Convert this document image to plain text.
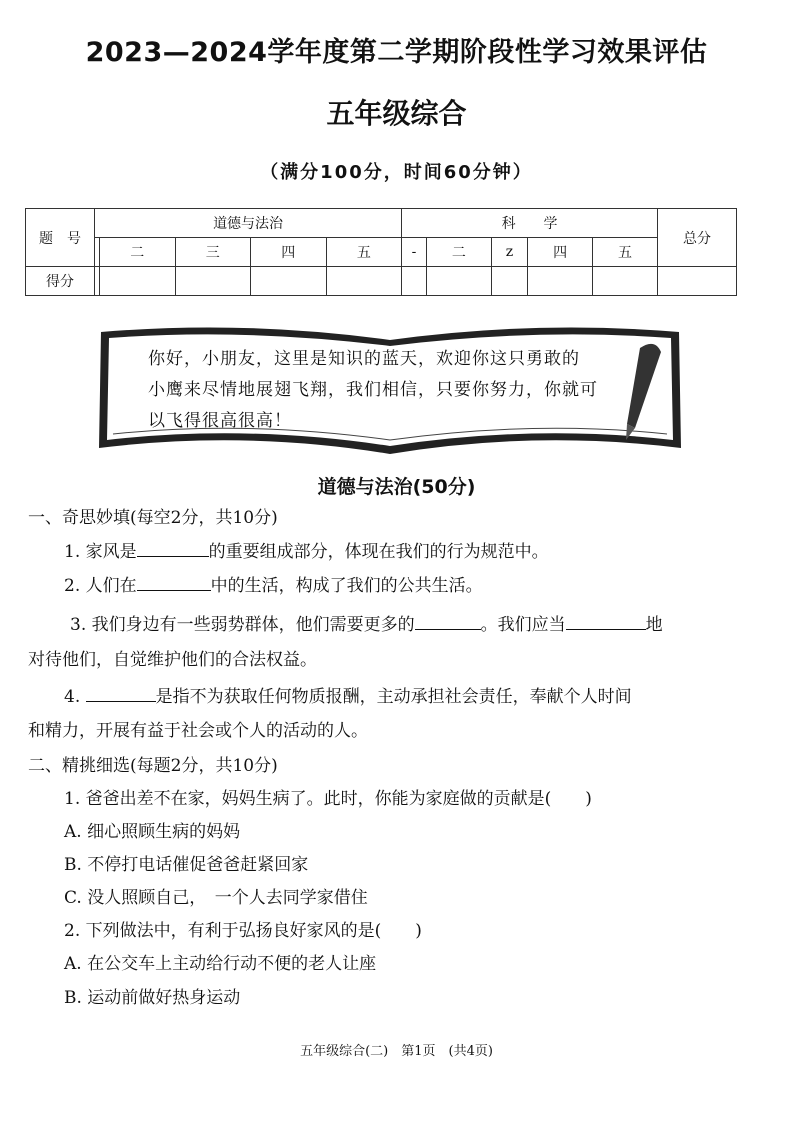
2023—2024学年度第二学期阶段性学习效果评估
五年级综合
（满分100分，时间60分钟）
题　号	道德与法治					科　　学					总分
		二	三	四	五	-	二	z	四	五	
得分											
你好，小朋友，这里是知识的蓝天，欢迎你这只勇敢的
小鹰来尽情地展翅飞翔，我们相信，只要你努力，你就可
以飞得很高很高！
道德与法治(50分)
一、奇思妙填(每空2分，共10分)
1. 家风是	的重要组成部分，体现在我们的行为规范中。
2. 人们在	中的生活，构成了我们的公共生活。
3. 我们身边有一些弱势群体，他们需要更多的	。我们应当	地
对待他们，自觉维护他们的合法权益。
4.	是指不为获取任何物质报酬，主动承担社会责任，奉献个人时间
和精力，开展有益于社会或个人的活动的人。
二、精挑细选(每题2分，共10分)
1. 爸爸出差不在家，妈妈生病了。此时，你能为家庭做的贡献是(　　)
A. 细心照顾生病的妈妈
B. 不停打电话催促爸爸赶紧回家
C. 没人照顾自己，　一个人去同学家借住
2. 下列做法中，有利于弘扬良好家风的是(　　)
A. 在公交车上主动给行动不便的老人让座
B. 运动前做好热身运动
五年级综合(二)　第1页　(共4页)
